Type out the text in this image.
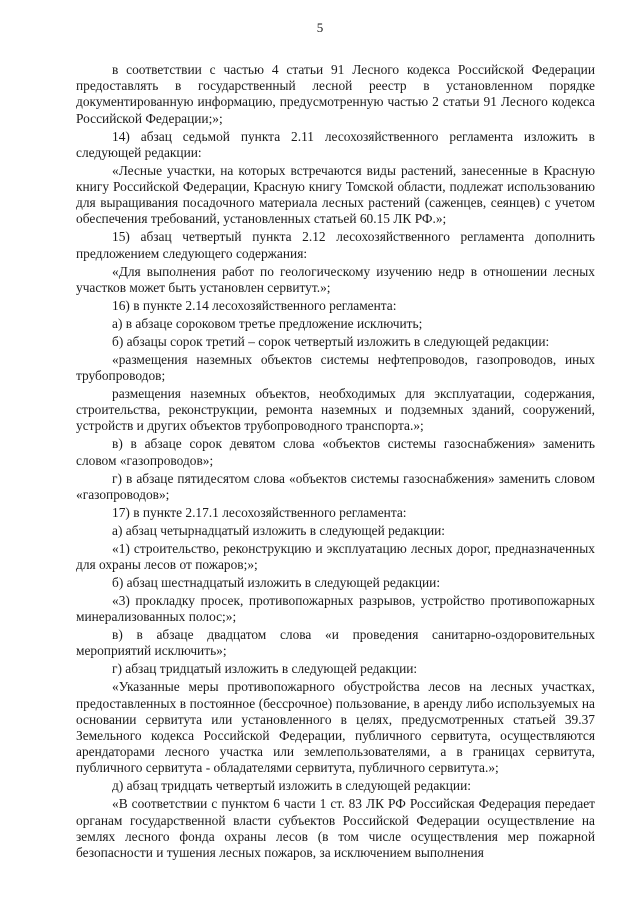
5

в соответствии с частью 4 статьи 91 Лесного кодекса Российской Федерации предоставлять в государственный лесной реестр в установленном порядке документированную информацию, предусмотренную частью 2 статьи 91 Лесного кодекса Российской Федерации;»;

14) абзац седьмой пункта 2.11 лесохозяйственного регламента изложить в следующей редакции:

«Лесные участки, на которых встречаются виды растений, занесенные в Красную книгу Российской Федерации, Красную книгу Томской области, подлежат использованию для выращивания посадочного материала лесных растений (саженцев, сеянцев) с учетом обеспечения требований, установленных статьей 60.15 ЛК РФ.»;

15) абзац четвертый пункта 2.12 лесохозяйственного регламента дополнить предложением следующего содержания:

«Для выполнения работ по геологическому изучению недр в отношении лесных участков может быть установлен сервитут.»;

16) в пункте 2.14 лесохозяйственного регламента:

а) в абзаце сороковом третье предложение исключить;

б) абзацы сорок третий – сорок четвертый изложить в следующей редакции:

«размещения наземных объектов системы нефтепроводов, газопроводов, иных трубопроводов;

размещения наземных объектов, необходимых для эксплуатации, содержания, строительства, реконструкции, ремонта наземных и подземных зданий, сооружений, устройств и других объектов трубопроводного транспорта.»;

в) в абзаце сорок девятом слова «объектов системы газоснабжения» заменить словом «газопроводов»;

г) в абзаце пятидесятом слова «объектов системы газоснабжения» заменить словом «газопроводов»;

17) в пункте 2.17.1 лесохозяйственного регламента:

а) абзац четырнадцатый изложить в следующей редакции:

«1) строительство, реконструкцию и эксплуатацию лесных дорог, предназначенных для охраны лесов от пожаров;»;

б) абзац шестнадцатый изложить в следующей редакции:

«3) прокладку просек, противопожарных разрывов, устройство противопожарных минерализованных полос;»;

в) в абзаце двадцатом слова «и проведения санитарно-оздоровительных мероприятий исключить»;

г) абзац тридцатый изложить в следующей редакции:

«Указанные меры противопожарного обустройства лесов на лесных участках, предоставленных в постоянное (бессрочное) пользование, в аренду либо используемых на основании сервитута или установленного в целях, предусмотренных статьей 39.37 Земельного кодекса Российской Федерации, публичного сервитута, осуществляются арендаторами лесного участка или землепользователями, а в границах сервитута, публичного сервитута - обладателями сервитута, публичного сервитута.»;

д) абзац тридцать четвертый изложить в следующей редакции:

«В соответствии с пунктом 6 части 1 ст. 83 ЛК РФ Российская Федерация передает органам государственной власти субъектов Российской Федерации осуществление на землях лесного фонда охраны лесов (в том числе осуществления мер пожарной безопасности и тушения лесных пожаров, за исключением выполнения
